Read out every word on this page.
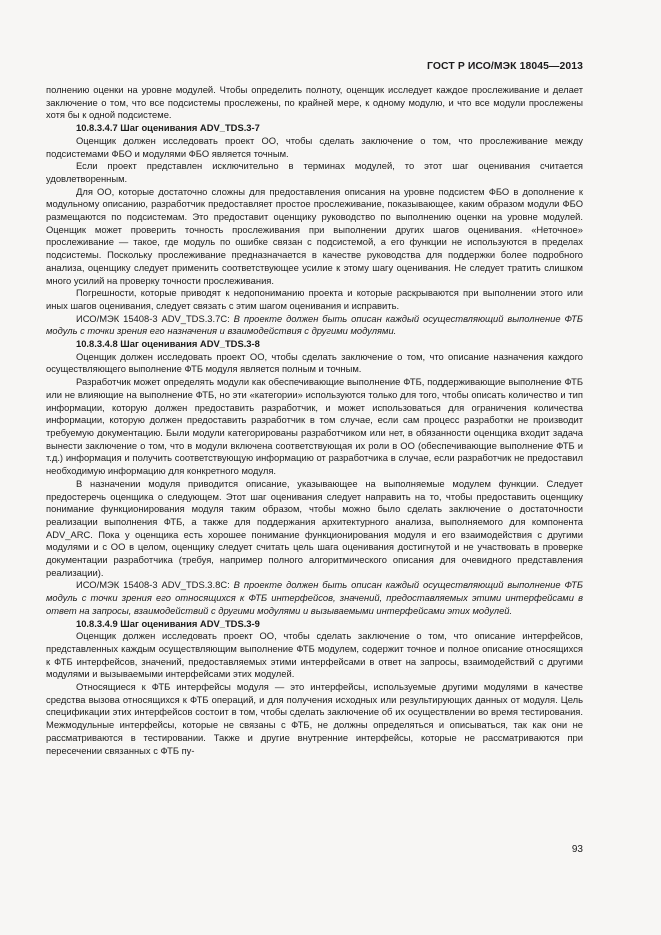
ГОСТ Р ИСО/МЭК 18045—2013

полнению оценки на уровне модулей. Чтобы определить полноту, оценщик исследует каждое прослеживание и делает заключение о том, что все подсистемы прослежены, по крайней мере, к одному модулю, и что все модули прослежены хотя бы к одной подсистеме.

10.8.3.4.7 Шаг оценивания ADV_TDS.3-7

Оценщик должен исследовать проект ОО, чтобы сделать заключение о том, что прослеживание между подсистемами ФБО и модулями ФБО является точным.

Если проект представлен исключительно в терминах модулей, то этот шаг оценивания считается удовлетворенным.

Для ОО, которые достаточно сложны для предоставления описания на уровне подсистем ФБО в дополнение к модульному описанию, разработчик предоставляет простое прослеживание, показывающее, каким образом модули ФБО размещаются по подсистемам. Это предоставит оценщику руководство по выполнению оценки на уровне модулей. Оценщик может проверить точность прослеживания при выполнении других шагов оценивания. «Неточное» прослеживание — такое, где модуль по ошибке связан с подсистемой, а его функции не используются в пределах подсистемы. Поскольку прослеживание предназначается в качестве руководства для поддержки более подробного анализа, оценщику следует применить соответствующее усилие к этому шагу оценивания. Не следует тратить слишком много усилий на проверку точности прослеживания.

Погрешности, которые приводят к недопониманию проекта и которые раскрываются при выполнении этого или иных шагов оценивания, следует связать с этим шагом оценивания и исправить.

ИСО/МЭК 15408-3 ADV_TDS.3.7C: В проекте должен быть описан каждый осуществляющий выполнение ФТБ модуль с точки зрения его назначения и взаимодействия с другими модулями.

10.8.3.4.8 Шаг оценивания ADV_TDS.3-8

Оценщик должен исследовать проект ОО, чтобы сделать заключение о том, что описание назначения каждого осуществляющего выполнение ФТБ модуля является полным и точным.

Разработчик может определять модули как обеспечивающие выполнение ФТБ, поддерживающие выполнение ФТБ или не влияющие на выполнение ФТБ, но эти «категории» используются только для того, чтобы описать количество и тип информации, которую должен предоставить разработчик, и может использоваться для ограничения количества информации, которую должен предоставить разработчик в том случае, если сам процесс разработки не производит требуемую документацию. Были модули категорированы разработчиком или нет, в обязанности оценщика входит задача вынести заключение о том, что в модули включена соответствующая их роли в ОО (обеспечивающие выполнение ФТБ и т.д.) информация и получить соответствующую информацию от разработчика в случае, если разработчик не предоставил необходимую информацию для конкретного модуля.

В назначении модуля приводится описание, указывающее на выполняемые модулем функции. Следует предостеречь оценщика о следующем. Этот шаг оценивания следует направить на то, чтобы предоставить оценщику понимание функционирования модуля таким образом, чтобы можно было сделать заключение о достаточности реализации выполнения ФТБ, а также для поддержания архитектурного анализа, выполняемого для компонента ADV_ARC. Пока у оценщика есть хорошее понимание функционирования модуля и его взаимодействия с другими модулями и с ОО в целом, оценщику следует считать цель шага оценивания достигнутой и не участвовать в проверке документации разработчика (требуя, например полного алгоритмического описания для очевидного представления реализации).

ИСО/МЭК 15408-3 ADV_TDS.3.8C: В проекте должен быть описан каждый осуществляющий выполнение ФТБ модуль с точки зрения его относящихся к ФТБ интерфейсов, значений, предоставляемых этими интерфейсами в ответ на запросы, взаимодействий с другими модулями и вызываемыми интерфейсами этих модулей.

10.8.3.4.9 Шаг оценивания ADV_TDS.3-9

Оценщик должен исследовать проект ОО, чтобы сделать заключение о том, что описание интерфейсов, представленных каждым осуществляющим выполнение ФТБ модулем, содержит точное и полное описание относящихся к ФТБ интерфейсов, значений, предоставляемых этими интерфейсами в ответ на запросы, взаимодействий с другими модулями и вызываемыми интерфейсами этих модулей.

Относящиеся к ФТБ интерфейсы модуля — это интерфейсы, используемые другими модулями в качестве средства вызова относящихся к ФТБ операций, и для получения исходных или результирующих данных от модуля. Цель спецификации этих интерфейсов состоит в том, чтобы сделать заключение об их осуществлении во время тестирования. Межмодульные интерфейсы, которые не связаны с ФТБ, не должны определяться и описываться, так как они не рассматриваются в тестировании. Также и другие внутренние интерфейсы, которые не рассматриваются при пересечении связанных с ФТБ пу-

93
